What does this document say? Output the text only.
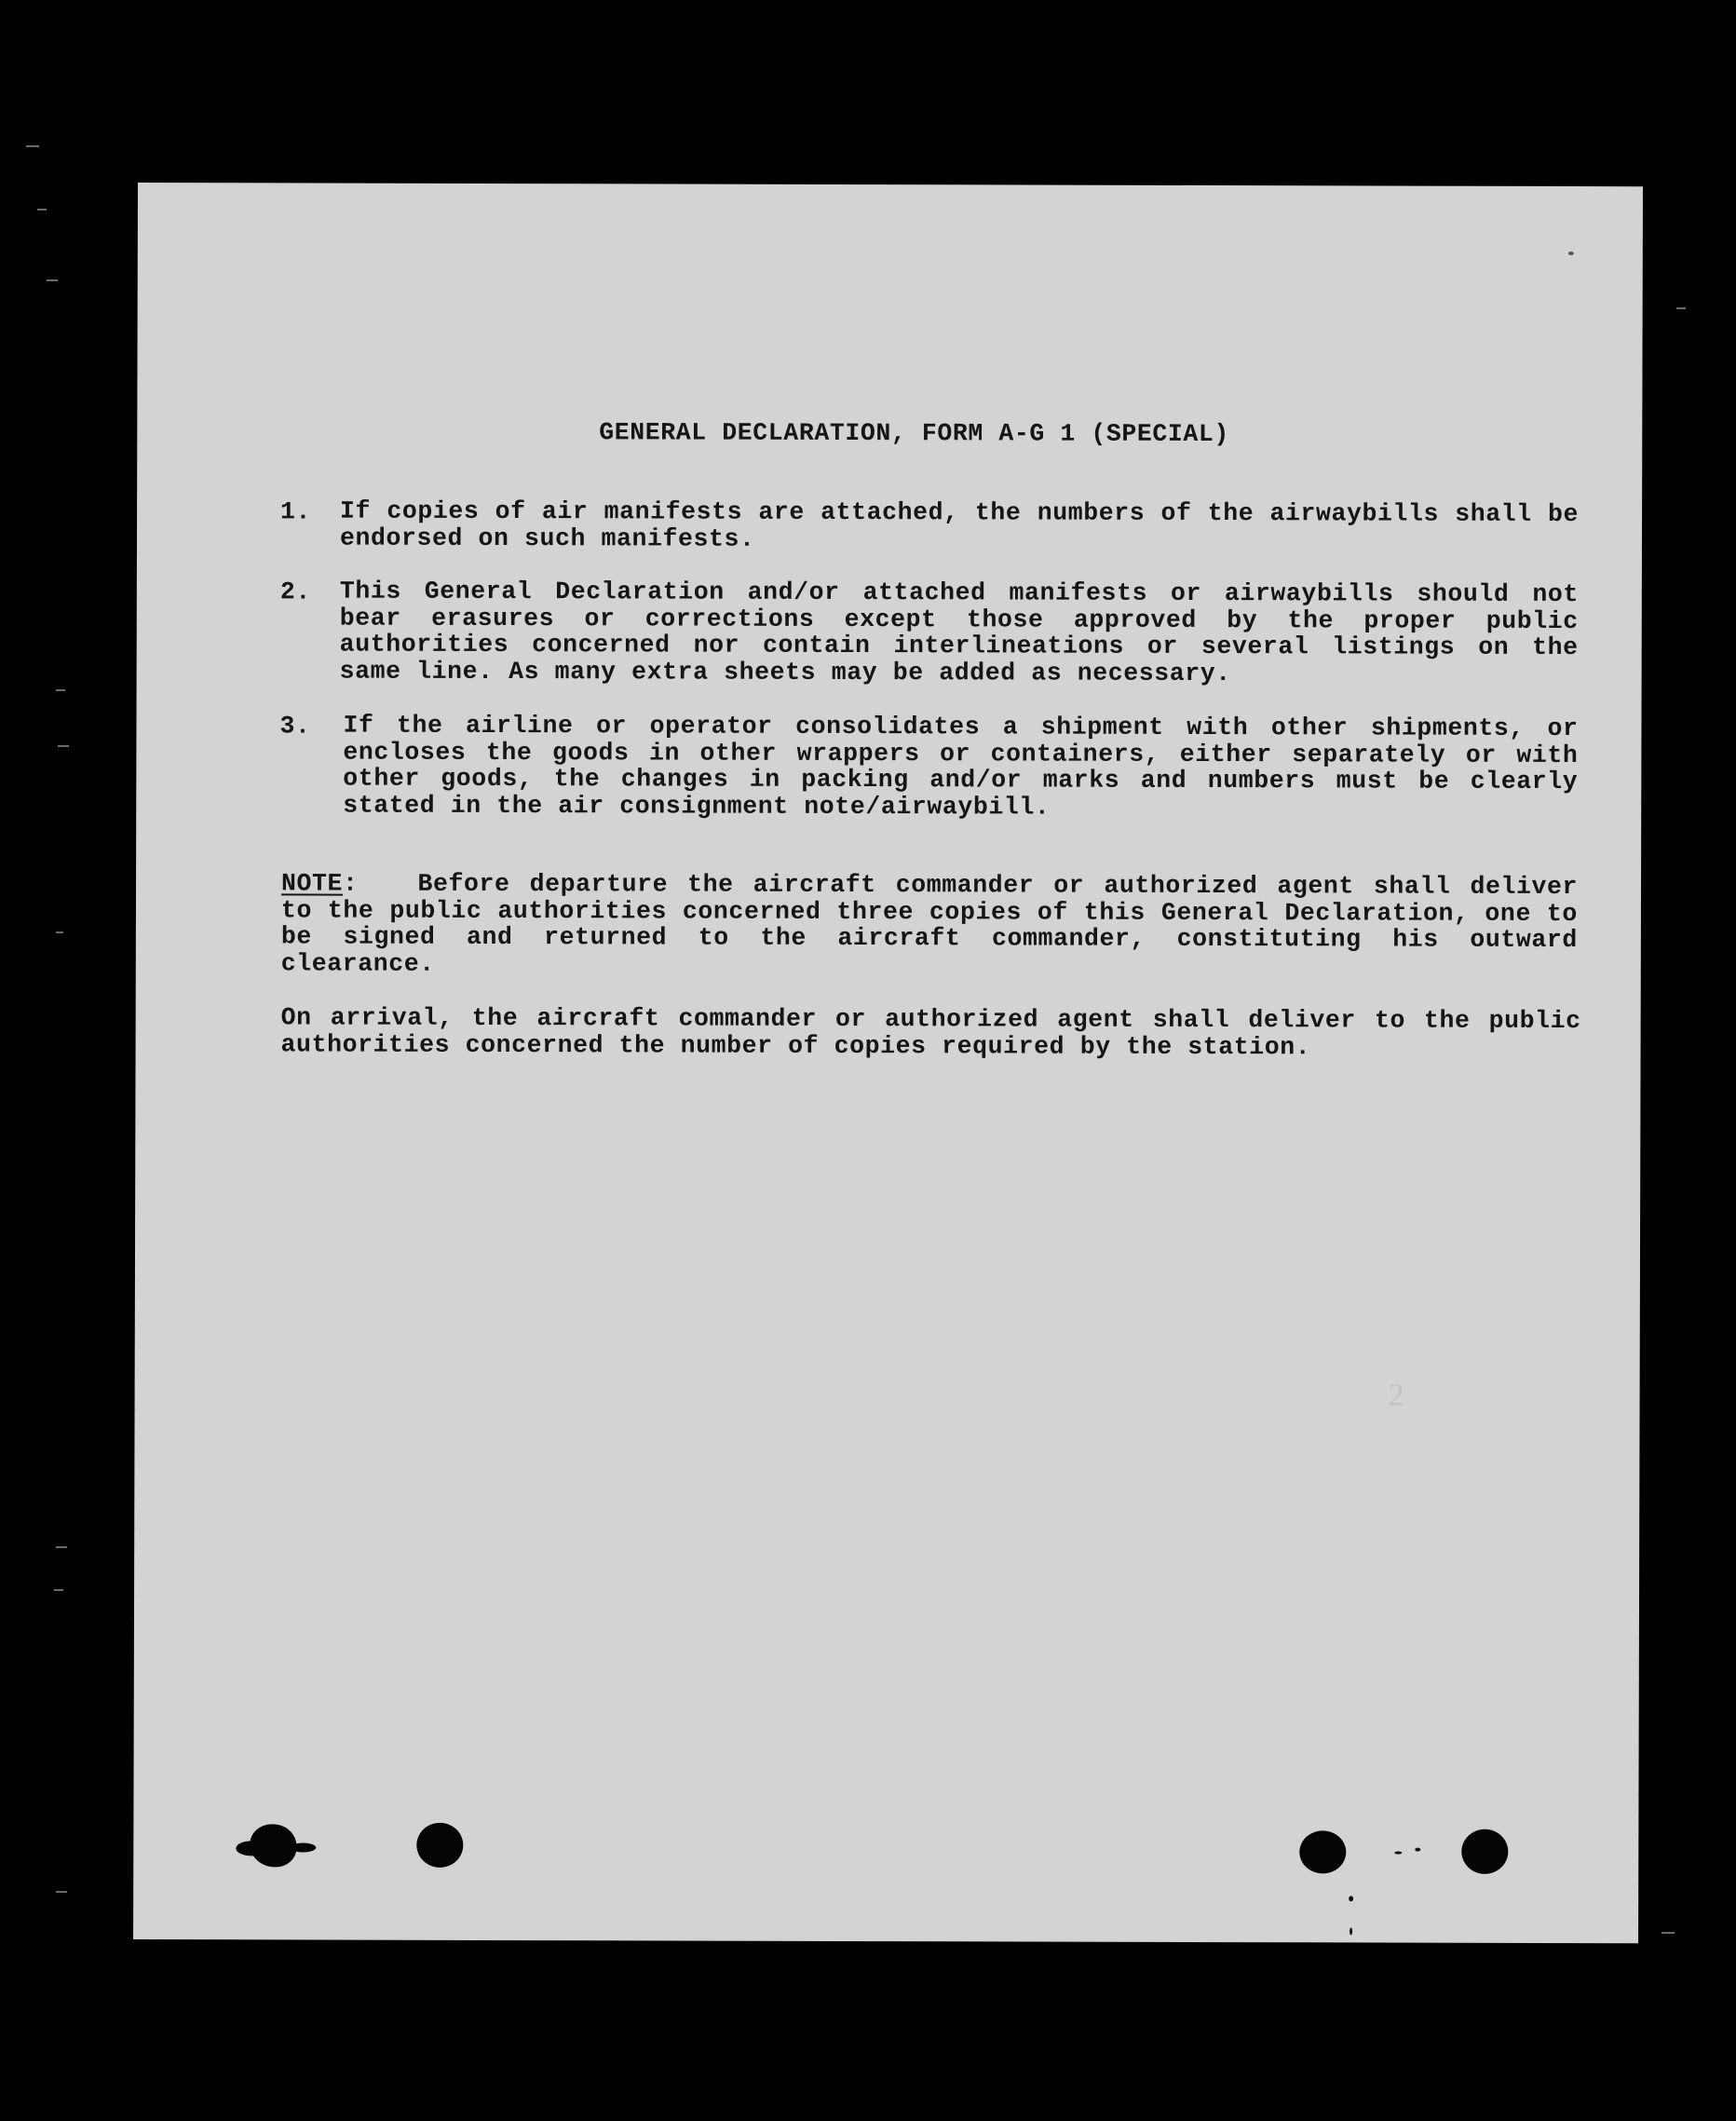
2
GENERAL DECLARATION, FORM A-G 1 (SPECIAL)
1. If copies of air manifests are attached, the numbers of the airwaybills shall be endorsed on such manifests.
2. This General Declaration and/or attached manifests or airwaybills should not bear erasures or corrections except those approved by the proper public authorities concerned nor contain interlineations or several listings on the same line. As many extra sheets may be added as necessary.
3. If the airline or operator consolidates a shipment with other shipments, or encloses the goods in other wrappers or containers, either separately or with other goods, the changes in packing and/or marks and numbers must be clearly stated in the air consignment note/airwaybill.
NOTE: Before departure the aircraft commander or authorized agent shall deliver to the public authorities concerned three copies of this General Declaration, one to be signed and returned to the aircraft commander, constituting his outward clearance.
On arrival, the aircraft commander or authorized agent shall deliver to the public authorities concerned the number of copies required by the station.
